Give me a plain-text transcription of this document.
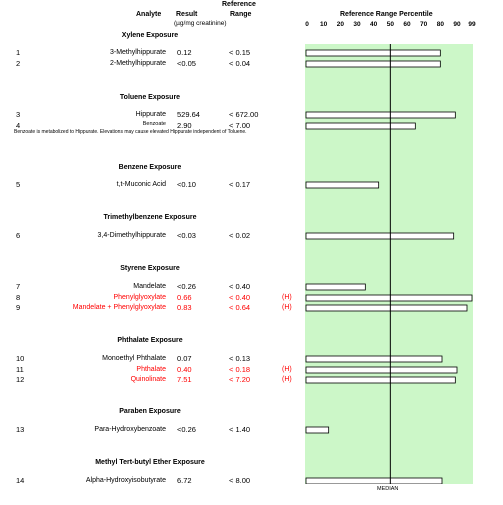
Analyte Result
Reference
Range
(µg/mg creatinine)
Reference Range Percentile
0	10	20	30	40	50	60	70	80	90	99
Xylene Exposure
Toluene Exposure
Benzene Exposure
Trimethylbenzene Exposure
Styrene Exposure
Phthalate Exposure
Paraben Exposure
Methyl Tert-butyl Ether Exposure
Benzoate is metabolized to Hippurate. Elevations may cause elevated Hippurate independent of Toluene.
1	3-Methylhippurate 0.12	< 0.15
2	2-Methylhippurate <0.05	< 0.04
3	Hippurate 529.64	< 672.00
4	Benzoate 2.90	< 7.00
5	t,t-Muconic Acid <0.10	< 0.17
6	3,4-Dimethylhippurate <0.03	< 0.02
7	Mandelate <0.26	< 0.40
8	Phenylglyoxylate 0.66	< 0.40	(H)
9	Mandelate + Phenylglyoxylate 0.83	< 0.64	(H)
10	Monoethyl Phthalate 0.07	< 0.13
11	Phthalate 0.40	< 0.18	(H)
12	Quinolinate 7.51	< 7.20	(H)
13	Para-Hydroxybenzoate <0.26	< 1.40
14	Alpha-Hydroxyisobutyrate 6.72	< 8.00
MEDIAN
